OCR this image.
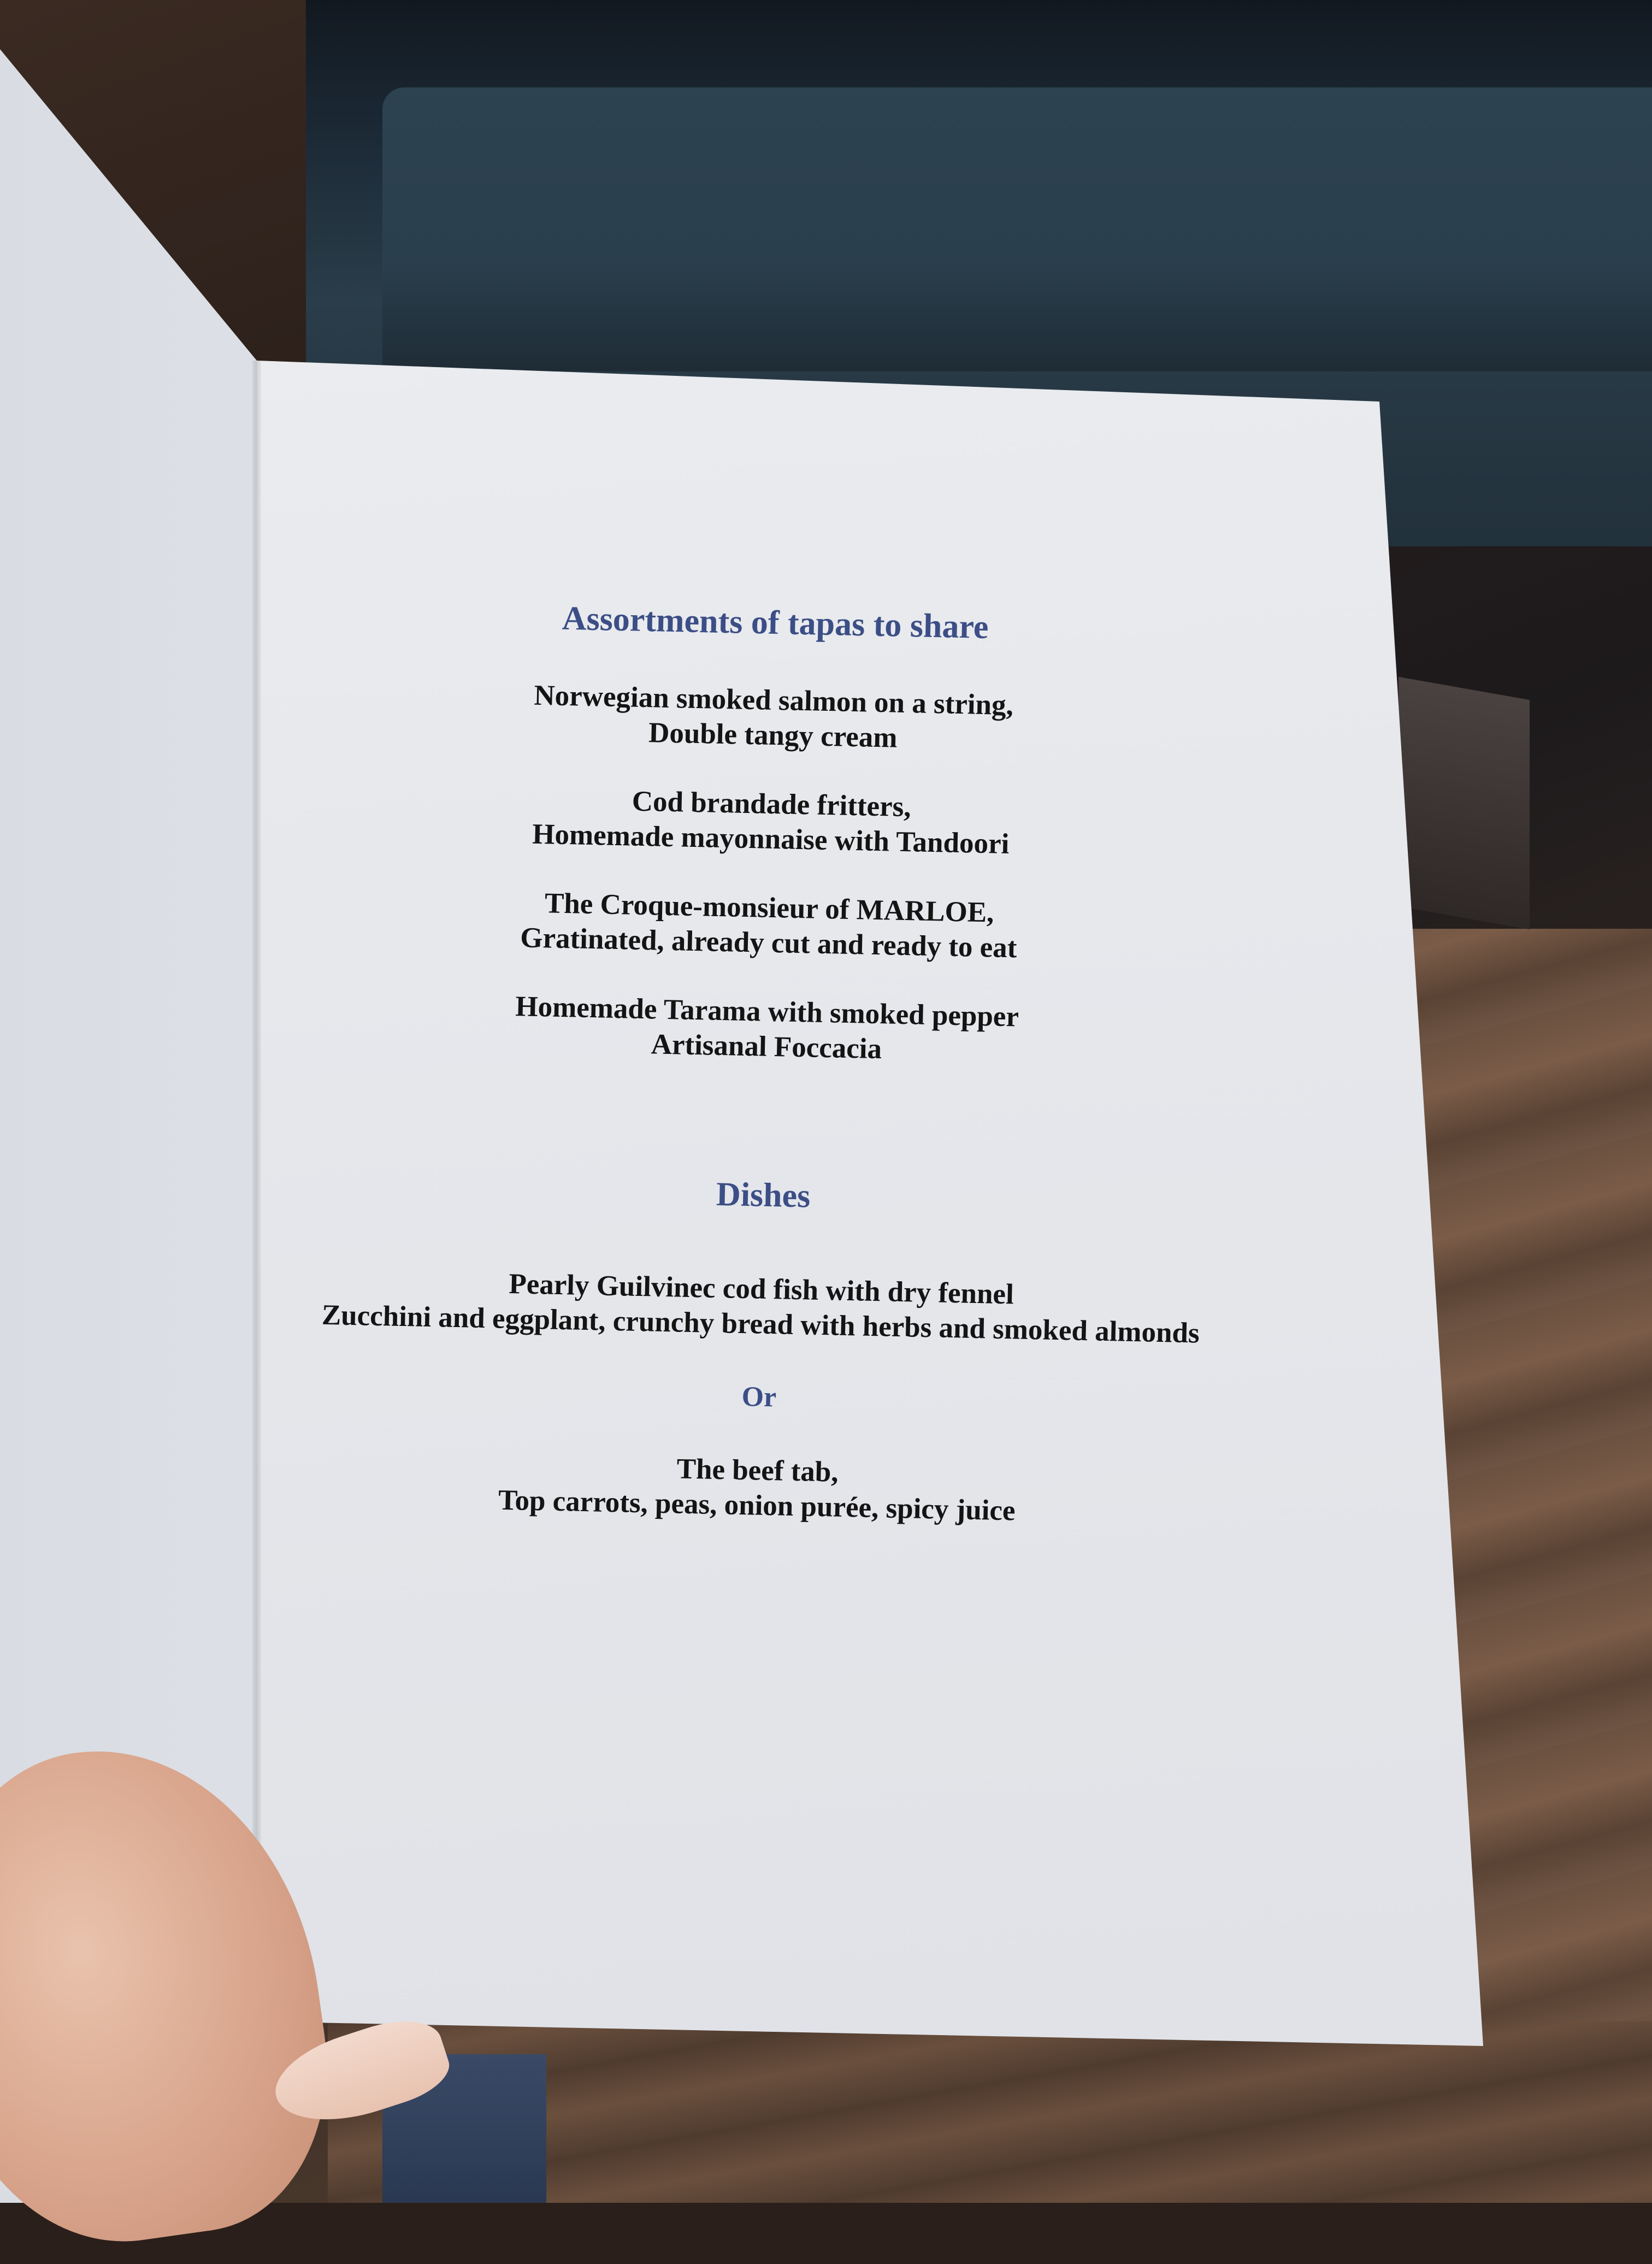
Assortments of tapas to share
Norwegian smoked salmon on a string,
Double tangy cream
Cod brandade fritters,
Homemade mayonnaise with Tandoori
The Croque-monsieur of MARLOE,
Gratinated, already cut and ready to eat
Homemade Tarama with smoked pepper
Artisanal Foccacia
Dishes
Pearly Guilvinec cod fish with dry fennel
Zucchini and eggplant, crunchy bread with herbs and smoked almonds
Or
The beef tab,
Top carrots, peas, onion purée, spicy juice
